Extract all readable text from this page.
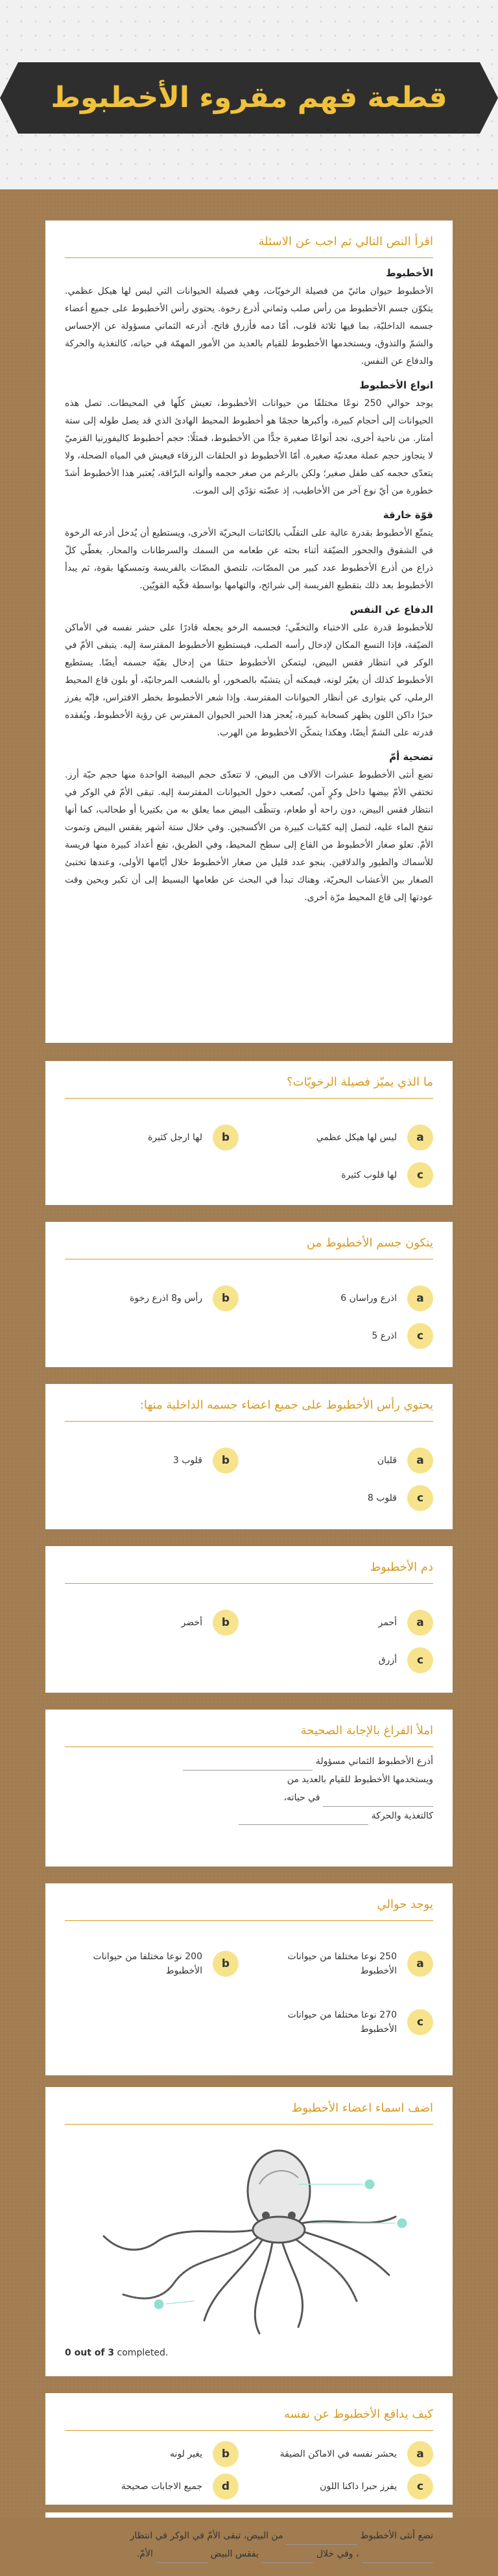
قطعة فهم مقروء الأخطبوط
اقرأ النص التالي ثم اجب عن الاسئلة
الأخطبوط

الأخطبوط حيوان مائيّ من فصيلة الرخويّات، وهي فصيلة الحيوانات التي ليس لها هيكل عظمي. يتكوّن جسم الأخطبوط من رأس صلب وثماني أذرع رخوة. يحتوي رأس الأخطبوط على جميع أعضاء جسمه الداخليّة، بما فيها ثلاثة قلوب، أمّا دمه فأزرق فاتح. أذرعه الثماني مسؤولة عن الإحساس والشمّ والتذوق، ويستخدمها الأخطبوط للقيام بالعديد من الأمور المهمّة في حياته، كالتغذية والحركة والدفاع عن النفس.

انواع الأخطبوط

يوجد حوالي 250 نوعًا مختلفًا من حيوانات الأخطبوط، تعيش كلّها في المحيطات. تصل هذه الحيوانات إلى أحجام كبيرة، وأكبرها حجمًا هو أخطبوط المحيط الهادئ الذي قد يصل طوله إلى ستة أمتار. من ناحية أخرى، نجد أنواعًا صغيرة جدًّا من الأخطبوط، فمثلًا: حجم أخطبوط كاليفورنيا القزميّ لا يتجاوز حجم عملة معدنيّة صغيرة. أمّا الأخطبوط ذو الحلقات الزرقاء فيعيش في المياه الضحلة، ولا يتعدّى حجمه كف طفل صغير؛ ولكن بالرغم من صغر حجمه وألوانه البرّاقة، يُعتبر هذا الأخطبوط أشدّ خطورة من أيّ نوع آخر من الأخاطيب، إذ عضّته تؤدّي إلى الموت.

قوّة خارقة

يتمتّع الأخطبوط بقدرة عالية على التقلّب بالكائنات البحريّة الأخرى، ويستطيع أن يُدخل أذرعه الرخوة في الشقوق والجحور الضيّقة أثناء بحثه عن طعامه من السمك والسرطانات والمحار. يغطّي كلّ ذراع من أذرع الأخطبوط عدد كبير من المصّات، تلتصق المصّات بالفريسة وتمسكها بقوة، ثم يبدأ الأخطبوط بعد ذلك بتقطيع الفريسة إلى شرائح، والتهامها بواسطة فكّيه القويّين.

الدفاع عن النفس

للأخطبوط قدرة على الاختباء والتخفّي؛ فجسمه الرخو يجعله قادرًا على حشر نفسه في الأماكن الضيّقة، فإذا التسع المكان لإدخال رأسه الصلب، فيستطيع الأخطبوط المقترسة إليه. يتبقى الأمّ في الوكر في انتظار فقس البيض، ليتمكن الأخطبوط حتمًا من إدخال بقيّة جسمه أيضًا. يستطيع الأخطبوط كذلك أن يغيّر لونه، فيمكنه أن يتشبّه بالصخور، أو بالشعب المرجانيّة، أو بلون قاع المحيط الرملي، كي يتوارى عن أنظار الحيوانات المفترسة. وإذا شعر الأخطبوط بخطر الافتراس، فإنّه يفرز حبرًا داكن اللون يظهر كسحابة كبيرة، يُعجز هذا الحبر الحيوان المفترس عن رؤية الأخطبوط، ويُفقده قدرته على الشمّ أيضًا، وهكذا يتمكّن الأخطبوط من الهرب.

تضحية أمّ

تضع أنثى الأخطبوط عشرات الآلاف من البيض، لا تتعدّى حجم البيضة الواحدة منها حجم حبّة أرز. تختفي الأمّ بيضها داخل وكرٍ آمن، تُصعب دخول الحيوانات المفترسة إليه. تبقى الأمّ في الوكر في انتظار فقس البيض، دون راحة أو طعام، وتنظّف البيض مما يعلق به من بكتيريا أو طحالب، كما أنها تنفخ الماء عليه، لتصل إليه كمّيات كبيرة من الأكسجين. وفي خلال ستة أشهر يفقس البيض وتموت الأمّ. تعلو صغار الأخطبوط من القاع إلى سطح المحيط، وفي الطريق، تقع أعداد كبيرة منها فريسة للأسماك والطيور والدلافين. ينجو عدد قليل من صغار الأخطبوط خلال أيّامها الأولى، وعندها تختبئ الصغار بين الأعشاب البحريّة، وهناك تبدأ في البحث عن طعامها البسيط إلى أن تكبر ويحين وقت عودتها إلى قاع المحيط مرّة أخرى.

ما الذي يميّز فصيلة الرخويّات؟
a
ليس لها هيكل عظمي
b
لها ارجل كثيرة
c
لها قلوب كثيرة
يتكون جسم الأخطبوط من
a
اذرع وراسان 6
b
رأس و8 اذرع رخوة
c
اذرع 5
يحتوي رأس الأخطبوط على جميع اعضاء جسمه الداخلية منها:
a
قلبان
b
قلوب 3
c
قلوب 8
دم الأخطبوط
a
أحمر
b
أخضر
c
أزرق
املأ الفراغ بالإجابة الصحيحة
أذرع الأخطبوط الثماني مسؤولة
ويستخدمها الأخطبوط للقيام بالعديد من
في حياته،
كالتغذية والحركة
يوجد حوالي
a
250 نوعا مختلفا من حيوانات الأخطبوط
b
200 نوعا مختلفا من حيوانات الأخطبوط
c
270 نوعا مختلفا من حيوانات الأخطبوط
اضف اسماء اعضاء الأخطبوط
0 out of 3 completed.
كيف يدافع الأخطبوط عن نفسه
a
يحشر نفسه في الاماكن الضيقة
b
يغير لونه
c
يفرز حبرا داكنا اللون
d
جميع الاجابات صحيحة
تضع أنثى الأخطبوط  من البيض، تبقى الأمّ في الوكر في انتظار  ، وفي خلال  يفقس البيض  الأمّ.
